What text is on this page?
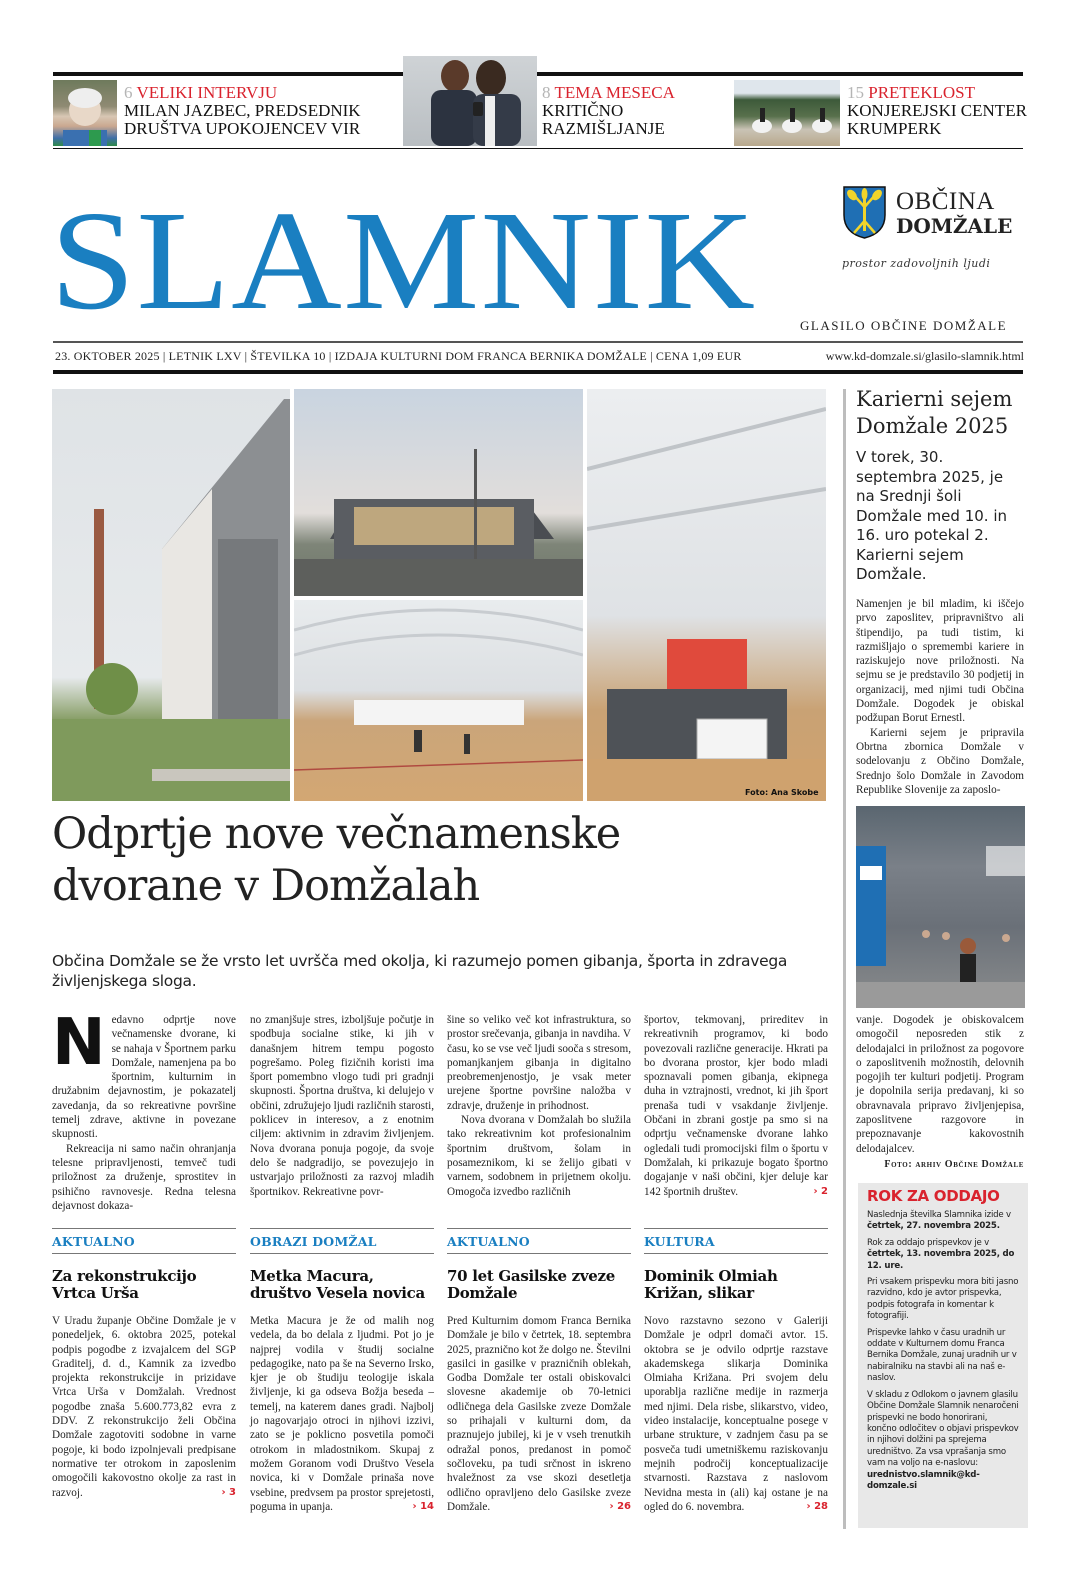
6 VELIKI INTERVJU
MILAN JAZBEC, PREDSEDNIK DRUŠTVA UPOKOJENCEV VIR
8 TEMA MESECA
KRITIČNO RAZMIŠLJANJE
15 PRETEKLOST
KONJEREJSKI CENTER KRUMPERK
SLAMNIK	OBČINA
DOMŽALE
prostor zadovoljnih ljudi
GLASILO OBČINE DOMŽALE
23. OKTOBER 2025 | LETNIK LXV | ŠTEVILKA 10 | IZDAJA KULTURNI DOM FRANCA BERNIKA DOMŽALE | CENA 1,09 EUR	www.kd-domzale.si/glasilo-slamnik.html
Foto: Ana Skobe
Odprtje nove večnamenske
dvorane v Domžalah
Občina Domžale se že vrsto let uvršča med okolja, ki razumejo pomen gibanja, športa in zdravega življenjskega sloga.
N edavno odprtje nove večnamenske dvorane, ki se nahaja v Športnem parku Domžale, namenjena pa bo športnim, kulturnim in družabnim dejavnostim, je pokazatelj zavedanja, da so rekreativne površine temelj zdrave, aktivne in povezane skupnosti.

Rekreacija ni samo način ohranjanja telesne pripravljenosti, temveč tudi priložnost za druženje, sprostitev in psihično ravnovesje. Redna telesna dejavnost dokaza-

no zmanjšuje stres, izboljšuje počutje in spodbuja socialne stike, ki jih v današnjem hitrem tempu pogosto pogrešamo. Poleg fizičnih koristi ima šport pomembno vlogo tudi pri gradnji skupnosti. Športna društva, ki delujejo v občini, združujejo ljudi različnih starosti, poklicev in interesov, a z enotnim ciljem: aktivnim in zdravim življenjem. Nova dvorana ponuja pogoje, da svoje delo še nadgradijo, se povezujejo in ustvarjajo priložnosti za razvoj mladih športnikov. Rekreativne povr-

šine so veliko več kot infrastruktura, so prostor srečevanja, gibanja in navdiha. V času, ko se vse več ljudi sooča s stresom, pomanjkanjem gibanja in digitalno preobremenjenostjo, je vsak meter urejene športne površine naložba v zdravje, druženje in prihodnost.

Nova dvorana v Domžalah bo služila tako rekreativnim kot profesionalnim športnim društvom, šolam in posameznikom, ki se želijo gibati v varnem, sodobnem in prijetnem okolju. Omogoča izvedbo različnih

športov, tekmovanj, prireditev in rekreativnih programov, ki bodo povezovali različne generacije. Hkrati pa bo dvorana prostor, kjer bodo mladi spoznavali pomen gibanja, ekipnega duha in vztrajnosti, vrednot, ki jih šport prenaša tudi v vsakdanje življenje. Občani in zbrani gostje pa smo si na odprtju večnamenske dvorane lahko ogledali tudi promocijski film o športu v Domžalah, ki prikazuje bogato športno dogajanje v naši občini, kjer deluje kar 142 športnih društev.	› 2

Karierni sejem Domžale 2025
V torek, 30. septembra 2025, je na Srednji šoli Domžale med 10. in 16. uro potekal 2. Karierni sejem Domžale.

Namenjen je bil mladim, ki iščejo prvo zaposlitev, pripravništvo ali štipendijo, pa tudi tistim, ki razmišljajo o spremembi kariere in raziskujejo nove priložnosti. Na sejmu se je predstavilo 30 podjetij in organizacij, med njimi tudi Občina Domžale. Dogodek je obiskal podžupan Borut Ernestl.

Karierni sejem je pripravila Obrtna zbornica Domžale v sodelovanju z Občino Domžale, Srednjo šolo Domžale in Zavodom Republike Slovenije za zaposlo-

vanje. Dogodek je obiskovalcem omogočil neposreden stik z delodajalci in priložnost za pogovore o zaposlitvenih možnostih, delovnih pogojih ter kulturi podjetij. Program je dopolnila serija predavanj, ki so obravnavala pripravo življenjepisa, zaposlitvene razgovore in prepoznavanje kakovostnih delodajalcev.

Foto: arhiv Občine Domžale
AKTUALNO
Za rekonstrukcijo Vrtca Urša
V Uradu županje Občine Domžale je v ponedeljek, 6. oktobra 2025, potekal podpis pogodbe z izvajalcem del SGP Graditelj, d. d., Kamnik za izvedbo projekta rekonstrukcije in prizidave Vrtca Urša v Domžalah. Vrednost pogodbe znaša 5.600.773,82 evra z DDV. Z rekonstrukcijo želi Občina Domžale zagotoviti sodobne in varne pogoje, ki bodo izpolnjevali predpisane normative ter otrokom in zaposlenim omogočili kakovostno okolje za rast in razvoj.	› 3
OBRAZI DOMŽAL
Metka Macura, društvo Vesela novica
Metka Macura je že od malih nog vedela, da bo delala z ljudmi. Pot jo je najprej vodila v študij socialne pedagogike, nato pa še na Severno Irsko, kjer je ob študiju teologije iskala življenje, ki ga odseva Božja beseda – temelj, na katerem danes gradi. Najbolj jo nagovarjajo otroci in njihovi izzivi, zato se je poklicno posvetila pomoči otrokom in mladostnikom. Skupaj z možem Goranom vodi Društvo Vesela novica, ki v Domžale prinaša nove vsebine, predvsem pa prostor sprejetosti, poguma in upanja.	› 14
AKTUALNO
70 let Gasilske zveze Domžale
Pred Kulturnim domom Franca Bernika Domžale je bilo v četrtek, 18. septembra 2025, praznično kot že dolgo ne. Številni gasilci in gasilke v prazničnih oblekah, Godba Domžale ter ostali obiskovalci slovesne akademije ob 70-letnici odličnega dela Gasilske zveze Domžale so prihajali v kulturni dom, da praznujejo jubilej, ki je v vseh trenutkih odražal ponos, predanost in pomoč sočloveku, pa tudi srčnost in iskreno hvaležnost za vse skozi desetletja odlično opravljeno delo Gasilske zveze Domžale.	› 26
KULTURA
Dominik Olmiah Križan, slikar
Novo razstavno sezono v Galeriji Domžale je odprl domači avtor. 15. oktobra se je odvilo odprtje razstave akademskega slikarja Dominika Olmiaha Križana. Pri svojem delu uporablja različne medije in razmerja med njimi. Dela risbe, slikarstvo, video, video instalacije, konceptualne posege v urbane strukture, v zadnjem času pa se posveča tudi umetniškemu raziskovanju mejnih področij konceptualizacije stvarnosti. Razstava z naslovom Nevidna mesta in (ali) kaj ostane je na ogled do 6. novembra.	› 28
ROK ZA ODDAJO

Naslednja številka Slamnika izide v četrtek, 27. novembra 2025.

Rok za oddajo prispevkov je v četrtek, 13. novembra 2025, do 12. ure.

Pri vsakem prispevku mora biti jasno razvidno, kdo je avtor prispevka, podpis fotografa in komentar k fotografiji.

Prispevke lahko v času uradnih ur oddate v Kulturnem domu Franca Bernika Domžale, zunaj uradnih ur v nabiralniku na stavbi ali na naš e-naslov.

V skladu z Odlokom o javnem glasilu Občine Domžale Slamnik nenaročeni prispevki ne bodo honorirani, končno odločitev o objavi prispevkov in njihovi dolžini pa sprejema uredništvo. Za vsa vprašanja smo vam na voljo na e-naslovu:
urednistvo.slamnik@kd-domzale.si
